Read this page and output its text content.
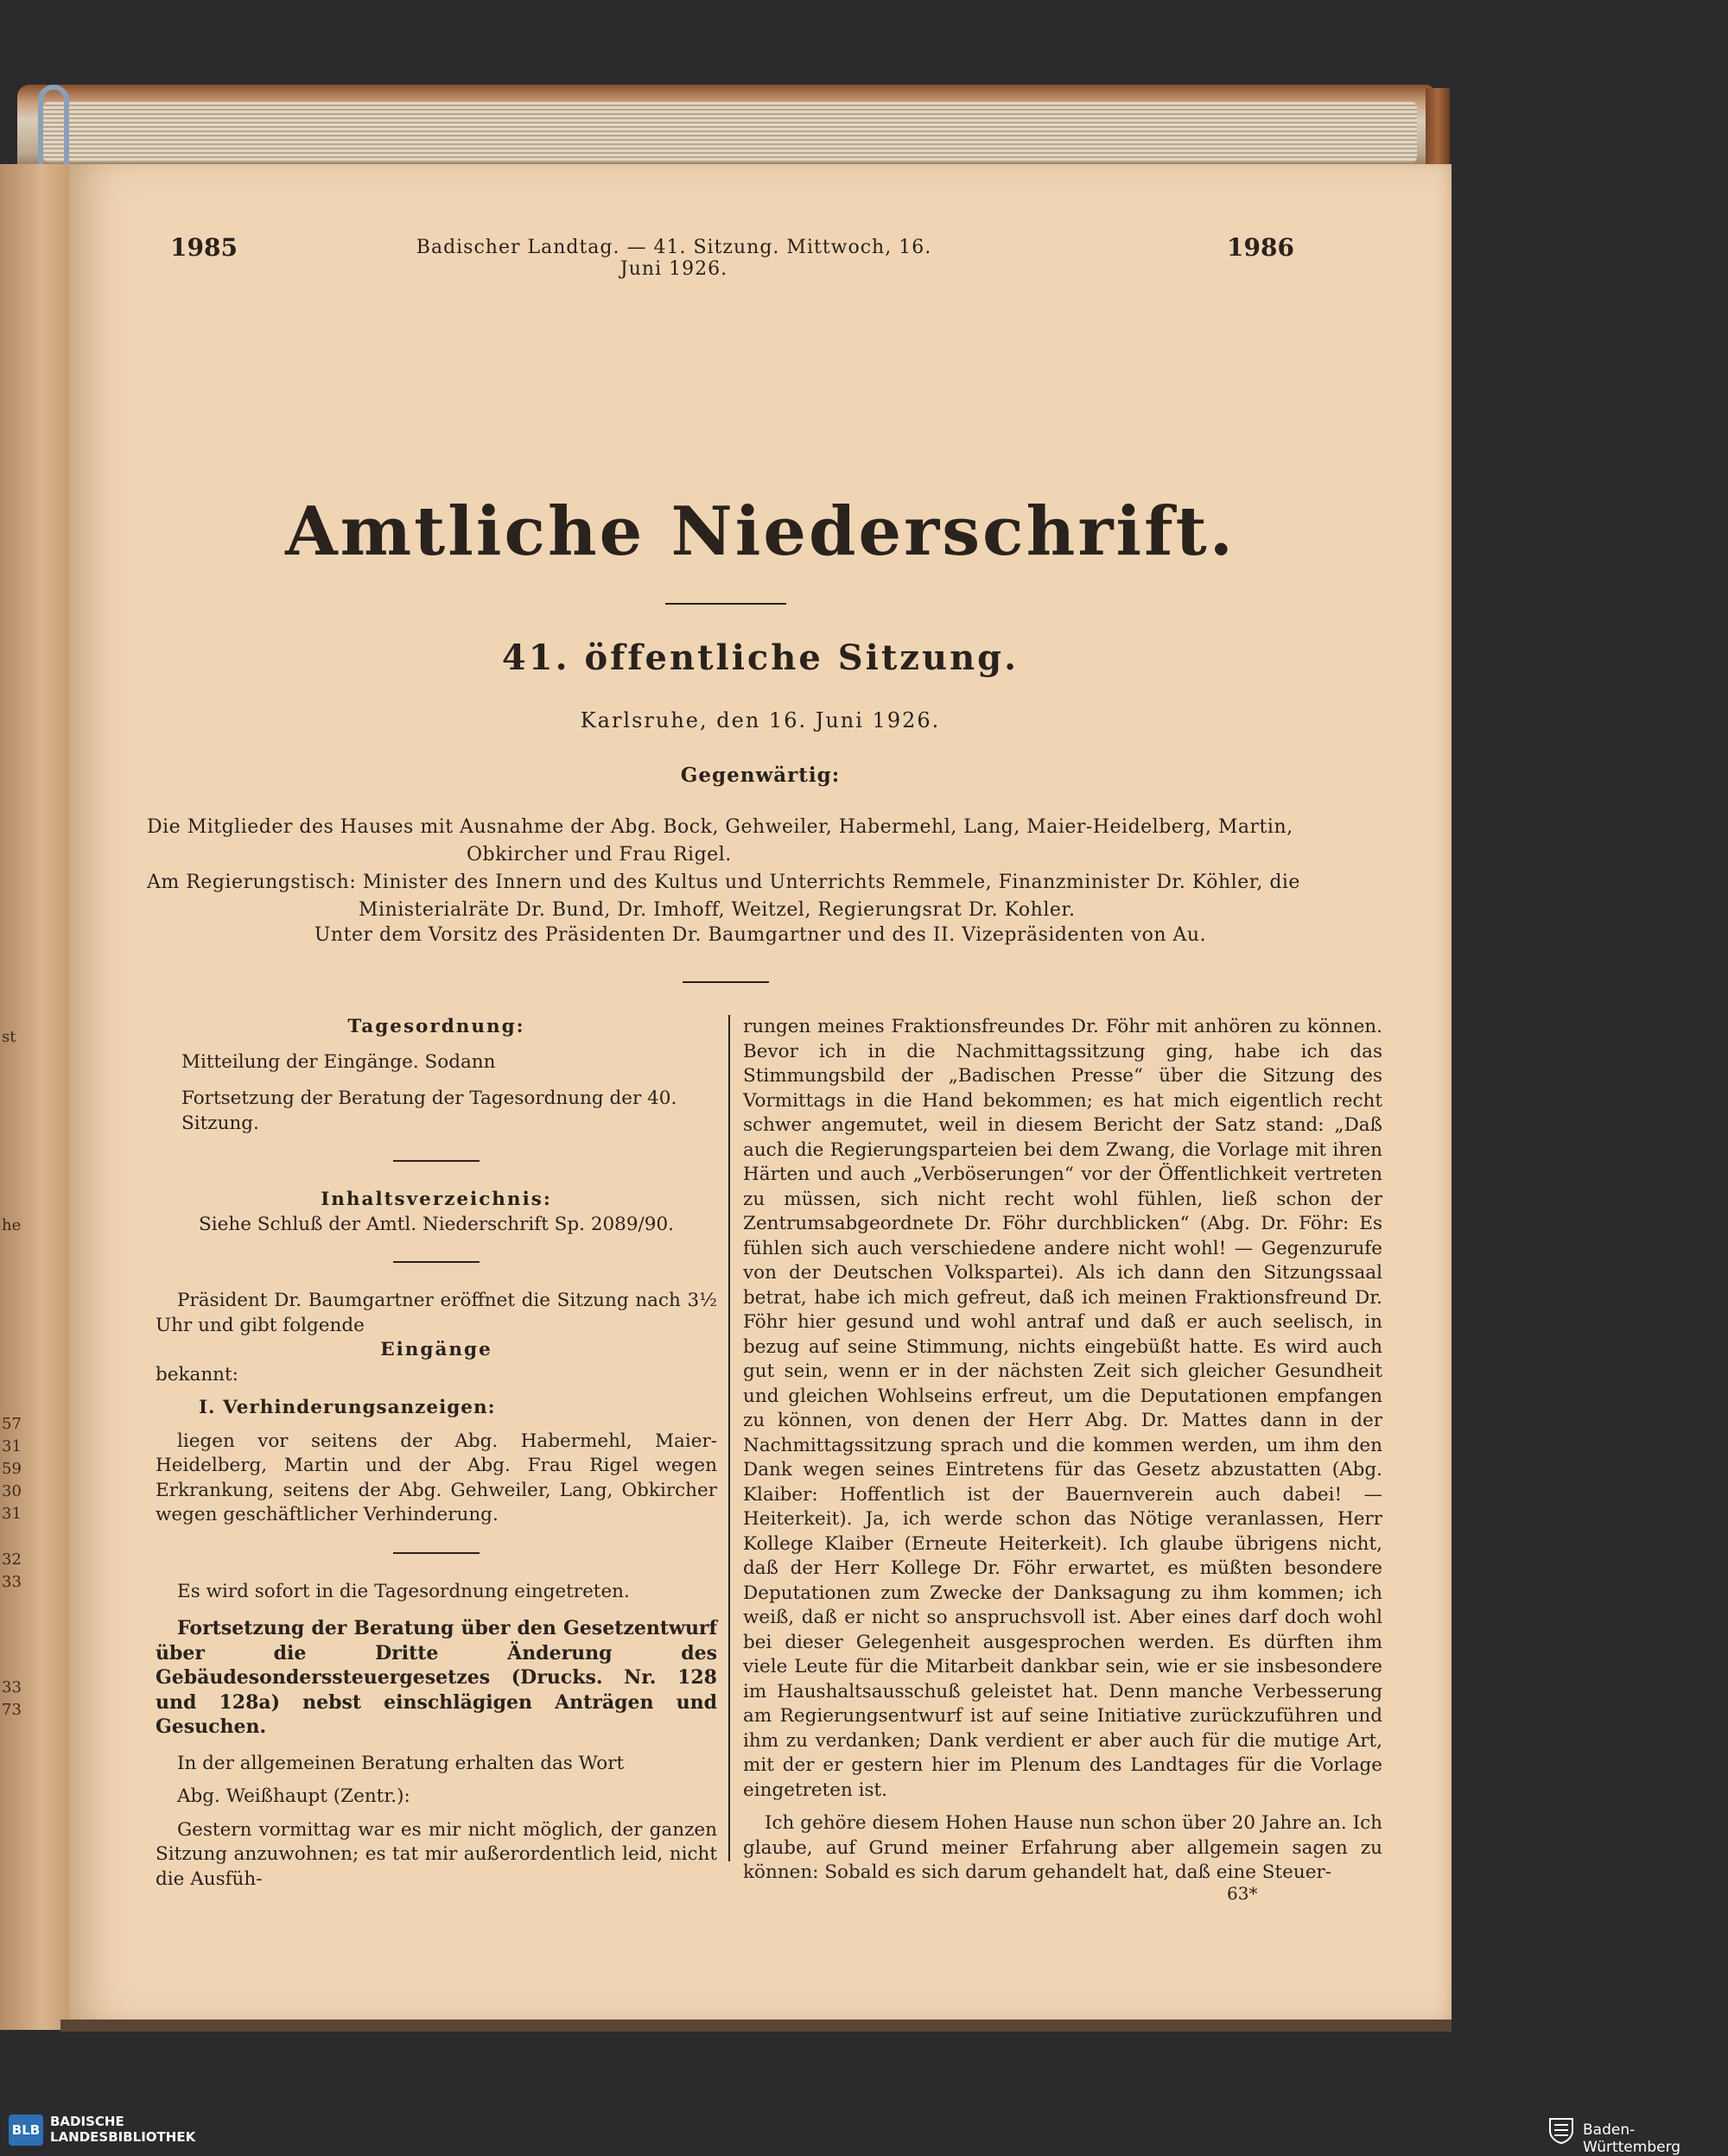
he
57
31
59
30
31
32
33
33
73
st
1985	Badischer Landtag. — 41. Sitzung. Mittwoch, 16. Juni 1926.
1986
Amtliche Niederschrift.
41. öffentliche Sitzung.
Karlsruhe, den 16. Juni 1926.
Gegenwärtig:
Die Mitglieder des Hauses mit Ausnahme der Abg. Bock, Gehweiler, Habermehl, Lang, Maier-Heidelberg, Martin,
Obkircher und Frau Rigel.
Am Regierungstisch: Minister des Innern und des Kultus und Unterrichts Remmele, Finanzminister Dr. Köhler, die
Ministerialräte Dr. Bund, Dr. Imhoff, Weitzel, Regierungsrat Dr. Kohler.
Unter dem Vorsitz des Präsidenten Dr. Baumgartner und des II. Vizepräsidenten von Au.
Tagesordnung:

Mitteilung der Eingänge. Sodann

Fortsetzung der Beratung der Tagesordnung der 40. Sitzung.

Inhaltsverzeichnis:

Siehe Schluß der Amtl. Niederschrift Sp. 2089/90.

Präsident Dr. Baumgartner eröffnet die Sitzung nach 3½ Uhr und gibt folgende

Eingänge

bekannt:

I. Verhinderungsanzeigen:

liegen vor seitens der Abg. Habermehl, Maier-Heidelberg, Martin und der Abg. Frau Rigel wegen Erkrankung, seitens der Abg. Gehweiler, Lang, Obkircher wegen geschäftlicher Verhinderung.

Es wird sofort in die Tagesordnung eingetreten.

Fortsetzung der Beratung über den Gesetzentwurf über die Dritte Änderung des Gebäudesonderssteuergesetzes (Drucks. Nr. 128 und 128a) nebst einschlägigen Anträgen und Gesuchen.

In der allgemeinen Beratung erhalten das Wort

Abg. Weißhaupt (Zentr.):

Gestern vormittag war es mir nicht möglich, der ganzen Sitzung anzuwohnen; es tat mir außerordentlich leid, nicht die Ausfüh-

rungen meines Fraktionsfreundes Dr. Föhr mit anhören zu können. Bevor ich in die Nachmittagssitzung ging, habe ich das Stimmungsbild der „Badischen Presse“ über die Sitzung des Vormittags in die Hand bekommen; es hat mich eigentlich recht schwer angemutet, weil in diesem Bericht der Satz stand: „Daß auch die Regierungsparteien bei dem Zwang, die Vorlage mit ihren Härten und auch „Verböserungen“ vor der Öffentlichkeit vertreten zu müssen, sich nicht recht wohl fühlen, ließ schon der Zentrumsabgeordnete Dr. Föhr durchblicken“ (Abg. Dr. Föhr: Es fühlen sich auch verschiedene andere nicht wohl! — Gegenzurufe von der Deutschen Volkspartei). Als ich dann den Sitzungssaal betrat, habe ich mich gefreut, daß ich meinen Fraktionsfreund Dr. Föhr hier gesund und wohl antraf und daß er auch seelisch, in bezug auf seine Stimmung, nichts eingebüßt hatte. Es wird auch gut sein, wenn er in der nächsten Zeit sich gleicher Gesundheit und gleichen Wohlseins erfreut, um die Deputationen empfangen zu können, von denen der Herr Abg. Dr. Mattes dann in der Nachmittagssitzung sprach und die kommen werden, um ihm den Dank wegen seines Eintretens für das Gesetz abzustatten (Abg. Klaiber: Hoffentlich ist der Bauernverein auch dabei! — Heiterkeit). Ja, ich werde schon das Nötige veranlassen, Herr Kollege Klaiber (Erneute Heiterkeit). Ich glaube übrigens nicht, daß der Herr Kollege Dr. Föhr erwartet, es müßten besondere Deputationen zum Zwecke der Danksagung zu ihm kommen; ich weiß, daß er nicht so anspruchsvoll ist. Aber eines darf doch wohl bei dieser Gelegenheit ausgesprochen werden. Es dürften ihm viele Leute für die Mitarbeit dankbar sein, wie er sie insbesondere im Haushaltsausschuß geleistet hat. Denn manche Verbesserung am Regierungsentwurf ist auf seine Initiative zurückzuführen und ihm zu verdanken; Dank verdient er aber auch für die mutige Art, mit der er gestern hier im Plenum des Landtages für die Vorlage eingetreten ist.

Ich gehöre diesem Hohen Hause nun schon über 20 Jahre an. Ich glaube, auf Grund meiner Erfahrung aber allgemein sagen zu können: Sobald es sich darum gehandelt hat, daß eine Steuer-

63*
BLB
BADISCHE
LANDESBIBLIOTHEK	Baden-Württemberg
